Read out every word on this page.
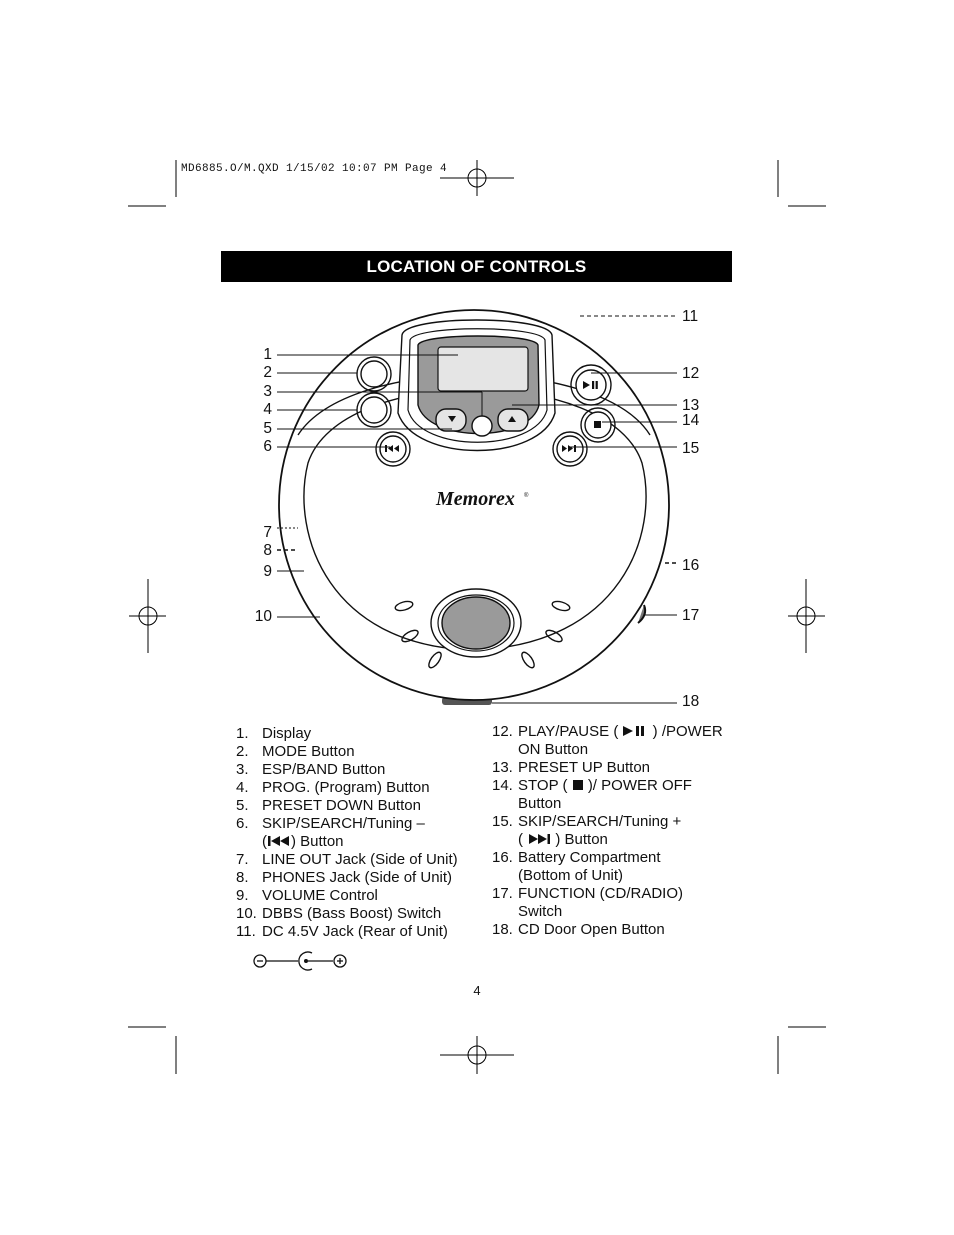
MD6885.O/M.QXD 1/15/02 10:07 PM Page 4
LOCATION OF CONTROLS
Memorex ®
1
2
3
4
5
6
7
8
9
10
11
12
13
14
15
16
17
18
1. Display
2. MODE Button
3. ESP/BAND Button
4. PROG. (Program) Button
5. PRESET DOWN Button
6. SKIP/SEARCH/Tuning –
( ) Button
7. LINE OUT Jack (Side of Unit)
8. PHONES Jack (Side of Unit)
9. VOLUME Control
10. DBBS (Bass Boost) Switch
11. DC 4.5V Jack (Rear of Unit)
12. PLAY/PAUSE ( ) /POWER
ON Button
13. PRESET UP Button
14. STOP ( )/ POWER OFF
Button
15. SKIP/SEARCH/Tuning +
( ) Button
16. Battery Compartment
(Bottom of Unit)
17. FUNCTION (CD/RADIO)
Switch
18. CD Door Open Button
4
